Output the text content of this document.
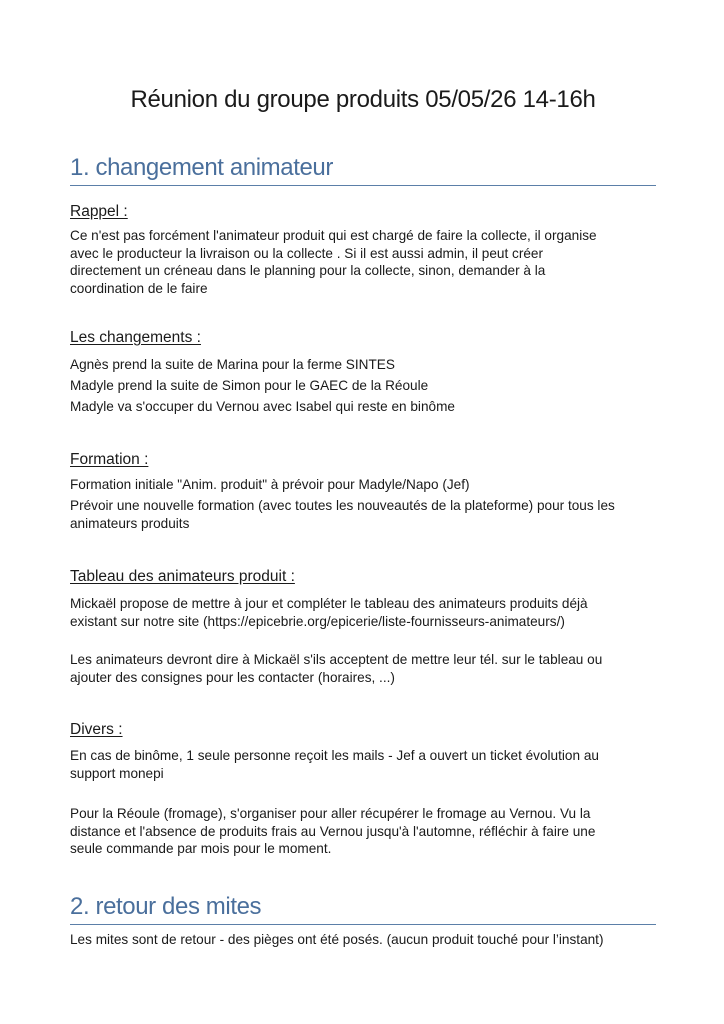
Réunion du groupe produits 05/05/26 14-16h
1. changement animateur
Rappel :
Ce n'est pas forcément l'animateur produit qui est chargé de faire la collecte, il organise
avec le producteur la livraison ou la collecte . Si il est aussi admin, il peut créer
directement un créneau dans le planning pour la collecte, sinon, demander à la
coordination de le faire
Les changements :
Agnès prend la suite de Marina pour la ferme SINTES
Madyle prend la suite de Simon pour le GAEC de la Réoule
Madyle va s'occuper du Vernou avec Isabel qui reste en binôme
Formation :
Formation initiale "Anim. produit" à prévoir pour Madyle/Napo (Jef)
Prévoir une nouvelle formation (avec toutes les nouveautés de la plateforme) pour tous les
animateurs produits
Tableau des animateurs produit :
Mickaël propose de mettre à jour et compléter le tableau des animateurs produits déjà
existant sur notre site (https://epicebrie.org/epicerie/liste-fournisseurs-animateurs/)
Les animateurs devront dire à Mickaël s'ils acceptent de mettre leur tél. sur le tableau ou
ajouter des consignes pour les contacter (horaires, ...)
Divers :
En cas de binôme, 1 seule personne reçoit les mails - Jef a ouvert un ticket évolution au
support monepi
Pour la Réoule (fromage), s'organiser pour aller récupérer le fromage au Vernou. Vu la
distance et l'absence de produits frais au Vernou jusqu'à l'automne, réfléchir à faire une
seule commande par mois pour le moment.
2. retour des mites
Les mites sont de retour - des pièges ont été posés. (aucun produit touché pour l’instant)
